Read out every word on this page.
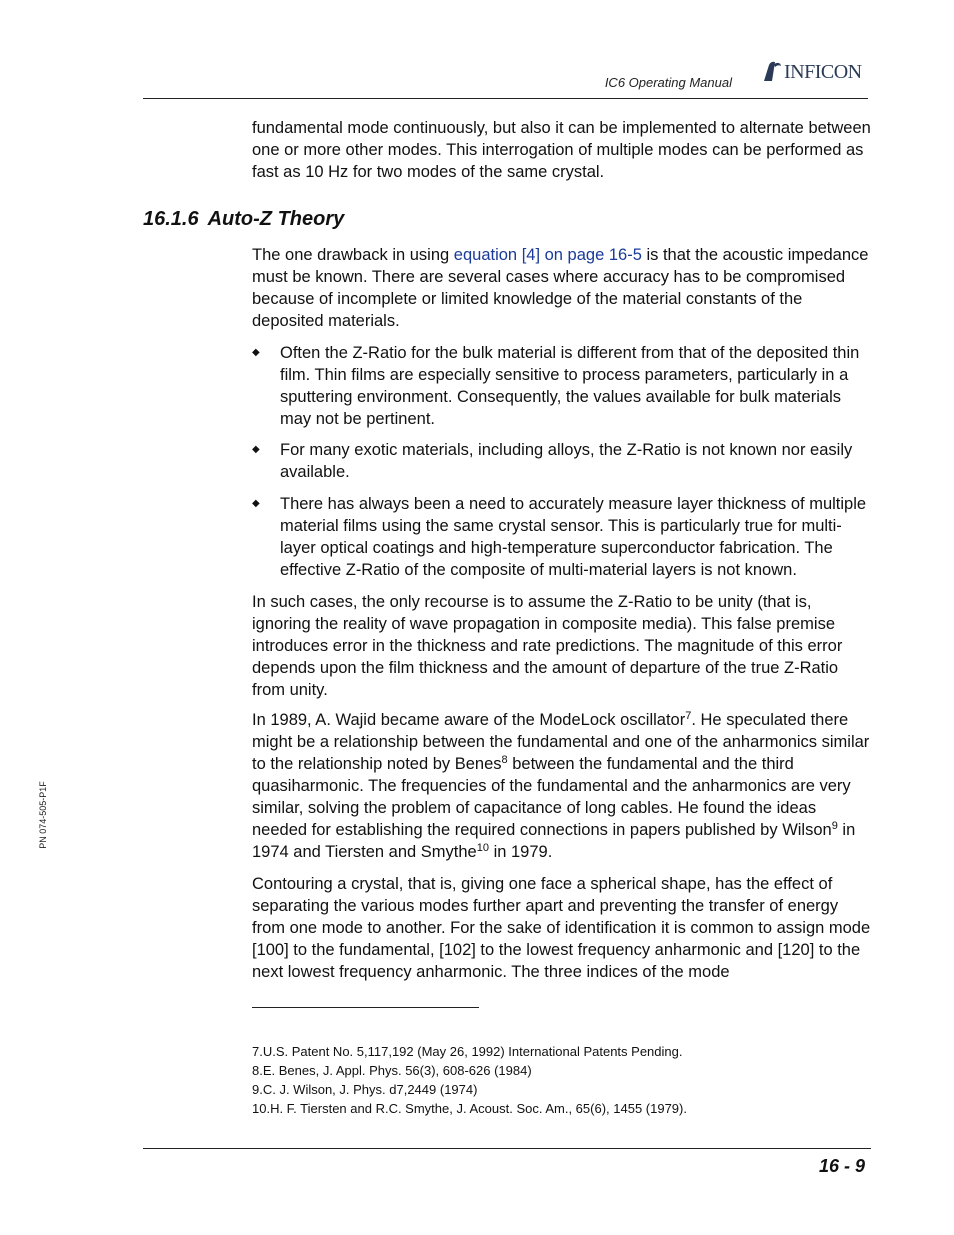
IC6 Operating Manual	INFICON
PN 074-505-P1F

fundamental mode continuously, but also it can be implemented to alternate between one or more other modes. This interrogation of multiple modes can be performed as fast as 10 Hz for two modes of the same crystal.

16.1.6 Auto-Z Theory

The one drawback in using equation [4] on page 16-5 is that the acoustic impedance must be known. There are several cases where accuracy has to be compromised because of incomplete or limited knowledge of the material constants of the deposited materials.

◆ Often the Z-Ratio for the bulk material is different from that of the deposited thin film. Thin films are especially sensitive to process parameters, particularly in a sputtering environment. Consequently, the values available for bulk materials may not be pertinent.
◆ For many exotic materials, including alloys, the Z-Ratio is not known nor easily available.
◆ There has always been a need to accurately measure layer thickness of multiple material films using the same crystal sensor. This is particularly true for multi-layer optical coatings and high-temperature superconductor fabrication. The effective Z-Ratio of the composite of multi-material layers is not known.

In such cases, the only recourse is to assume the Z-Ratio to be unity (that is, ignoring the reality of wave propagation in composite media). This false premise introduces error in the thickness and rate predictions. The magnitude of this error depends upon the film thickness and the amount of departure of the true Z-Ratio from unity.

In 1989, A. Wajid became aware of the ModeLock oscillator$^7$. He speculated there might be a relationship between the fundamental and one of the anharmonics similar to the relationship noted by Benes$^8$ between the fundamental and the third quasiharmonic. The frequencies of the fundamental and the anharmonics are very similar, solving the problem of capacitance of long cables. He found the ideas needed for establishing the required connections in papers published by Wilson$^9$ in 1974 and Tiersten and Smythe$^{10}$ in 1979.

Contouring a crystal, that is, giving one face a spherical shape, has the effect of separating the various modes further apart and preventing the transfer of energy from one mode to another. For the sake of identification it is common to assign mode [100] to the fundamental, [102] to the lowest frequency anharmonic and [120] to the next lowest frequency anharmonic. The three indices of the mode

7.U.S. Patent No. 5,117,192 (May 26, 1992) International Patents Pending.
8.E. Benes, J. Appl. Phys. 56(3), 608-626 (1984)
9.C. J. Wilson, J. Phys. d7,2449 (1974)
10.H. F. Tiersten and R.C. Smythe, J. Acoust. Soc. Am., 65(6), 1455 (1979).
16 - 9
